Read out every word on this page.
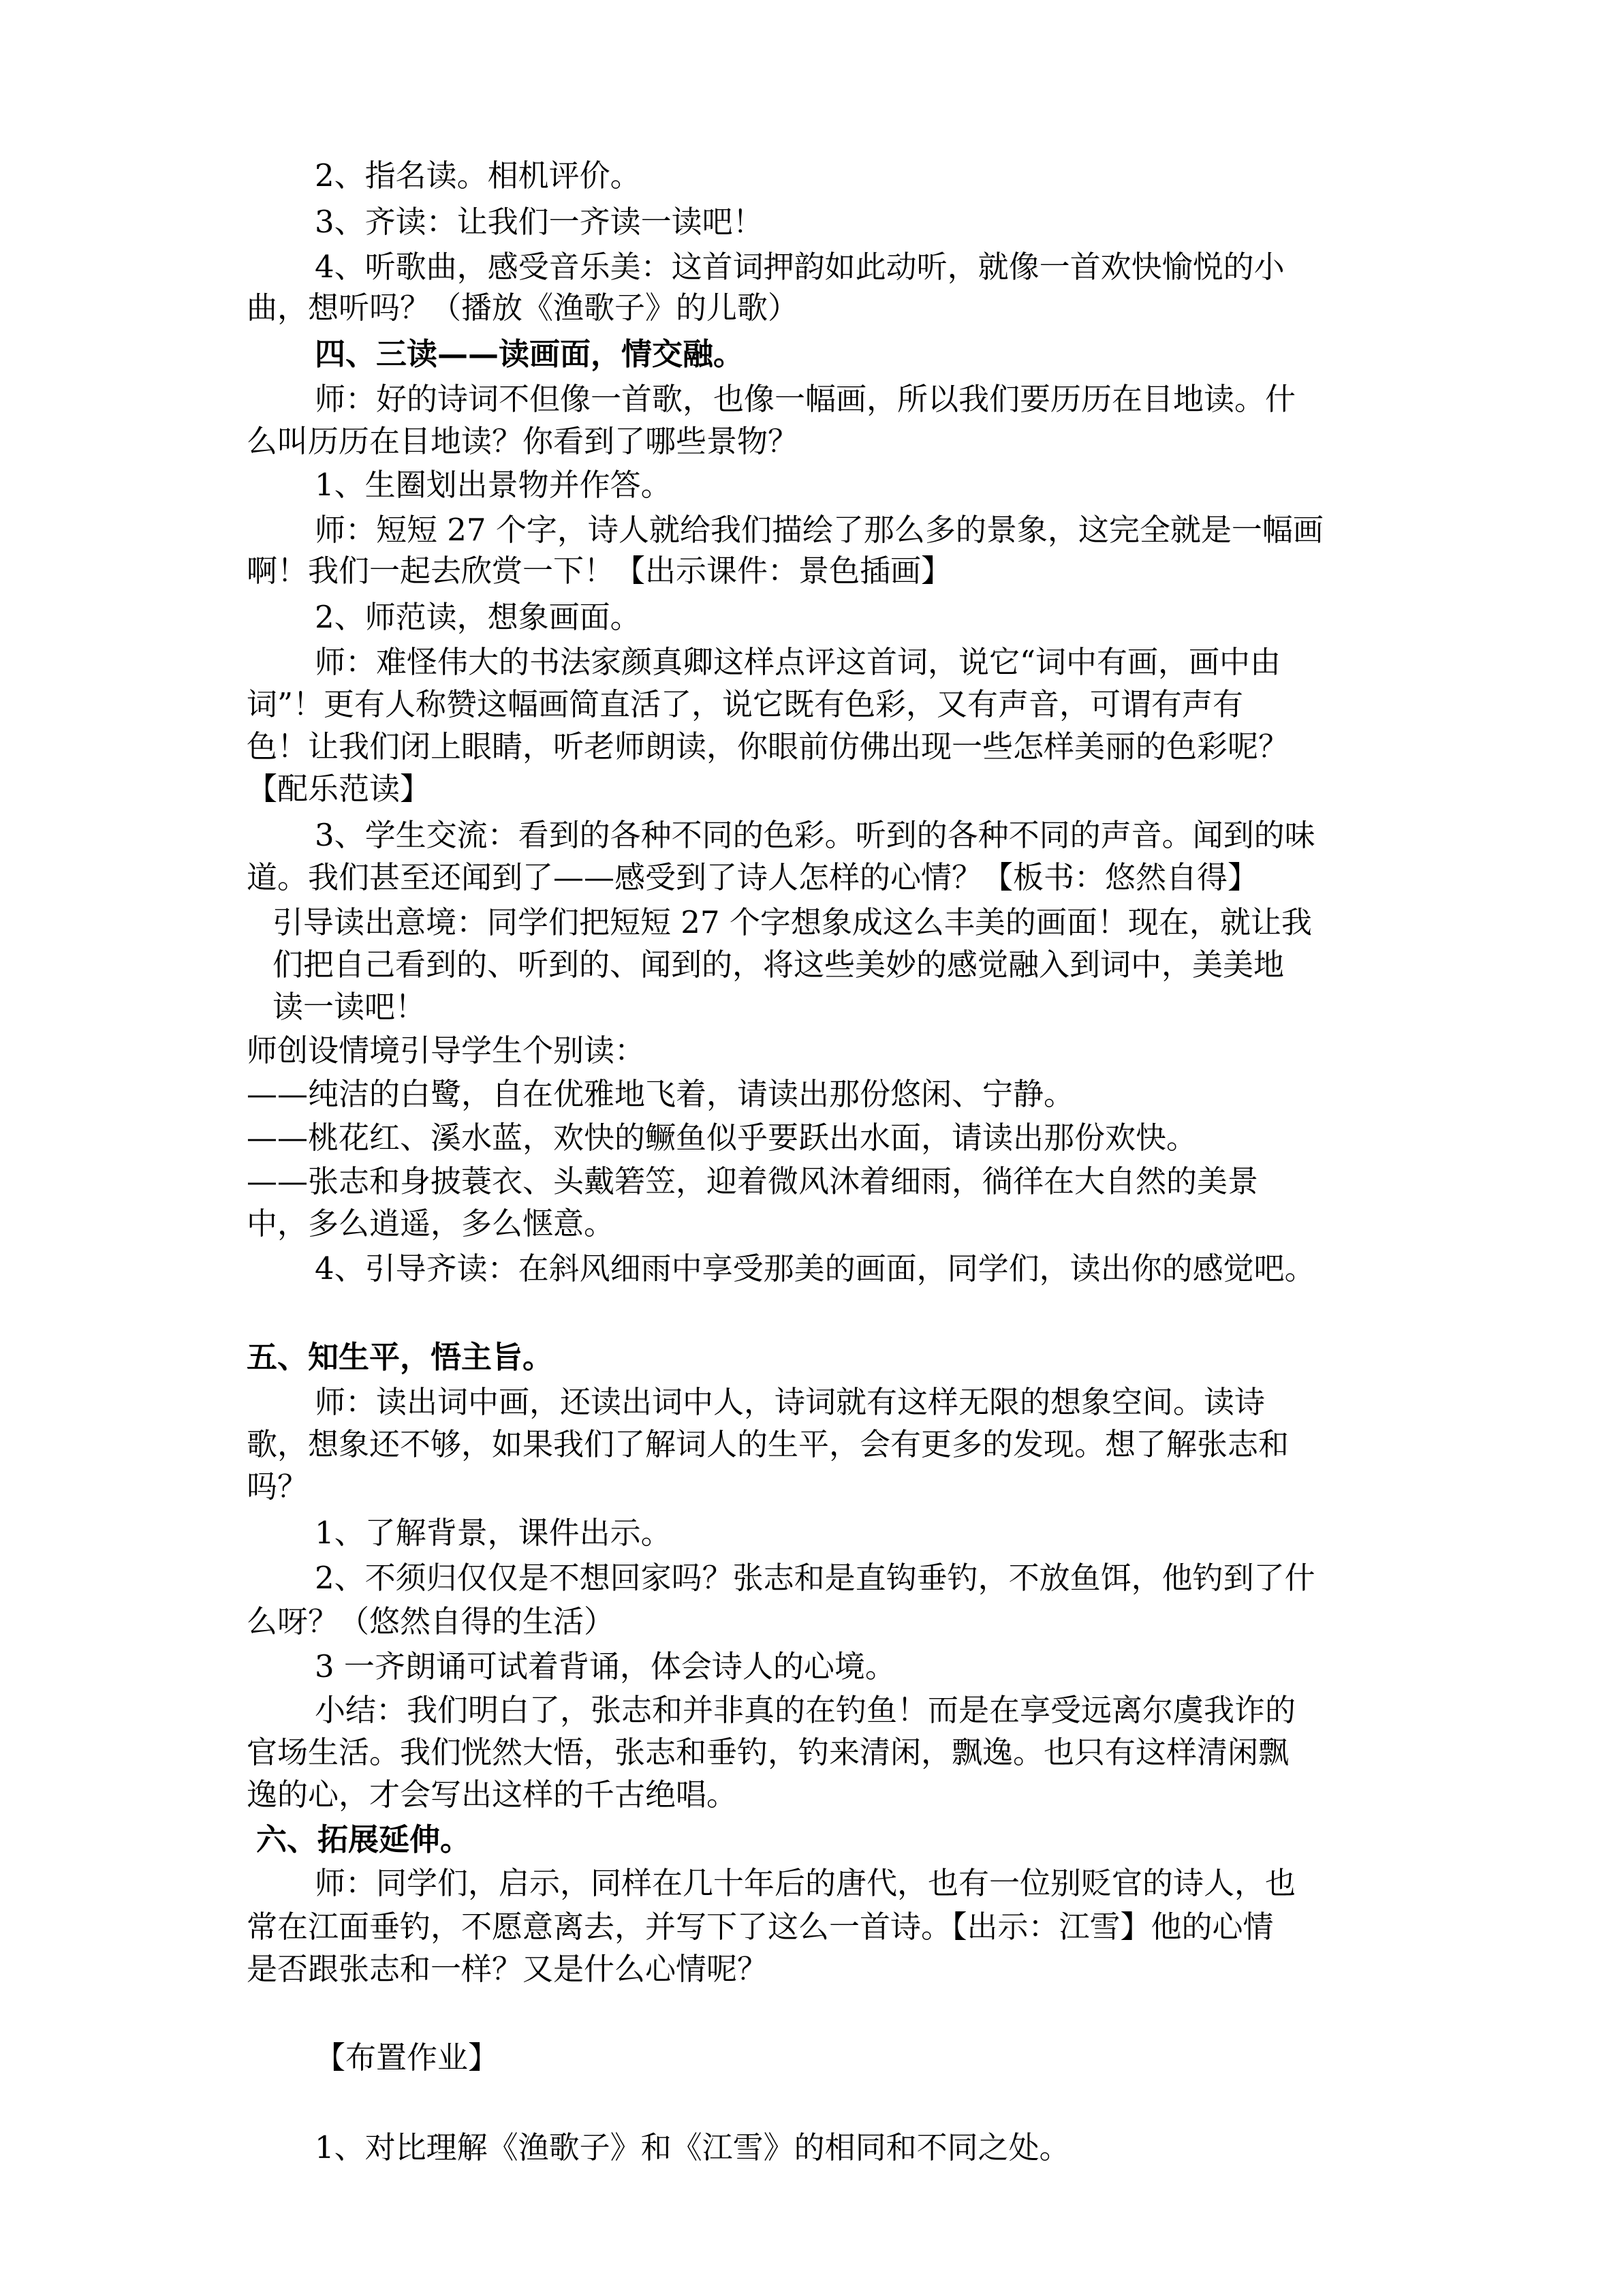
2、指名读。相机评价。

3、齐读：让我们一齐读一读吧！

4、听歌曲，感受音乐美：这首词押韵如此动听，就像一首欢快愉悦的小

曲，想听吗？（播放《渔歌子》的儿歌）

四、三读——读画面，情交融。

师：好的诗词不但像一首歌，也像一幅画，所以我们要历历在目地读。什

么叫历历在目地读？你看到了哪些景物？

1、生圈划出景物并作答。

师：短短 27 个字，诗人就给我们描绘了那么多的景象，这完全就是一幅画

啊！我们一起去欣赏一下！【出示课件：景色插画】

2、师范读，想象画面。

师：难怪伟大的书法家颜真卿这样点评这首词，说它“词中有画，画中由

词”！更有人称赞这幅画简直活了，说它既有色彩，又有声音，可谓有声有

色！让我们闭上眼睛，听老师朗读，你眼前仿佛出现一些怎样美丽的色彩呢？

【配乐范读】

3、学生交流：看到的各种不同的色彩。听到的各种不同的声音。闻到的味

道。我们甚至还闻到了——感受到了诗人怎样的心情？【板书：悠然自得】

引导读出意境：同学们把短短 27 个字想象成这么丰美的画面！现在，就让我

们把自己看到的、听到的、闻到的，将这些美妙的感觉融入到词中，美美地

读一读吧！

师创设情境引导学生个别读：

——纯洁的白鹭，自在优雅地飞着，请读出那份悠闲、宁静。

——桃花红、溪水蓝，欢快的鳜鱼似乎要跃出水面，请读出那份欢快。

——张志和身披蓑衣、头戴箬笠，迎着微风沐着细雨，徜徉在大自然的美景

中，多么逍遥，多么惬意。

4、引导齐读：在斜风细雨中享受那美的画面，同学们，读出你的感觉吧。

五、知生平，悟主旨。

师：读出词中画，还读出词中人，诗词就有这样无限的想象空间。读诗

歌，想象还不够，如果我们了解词人的生平，会有更多的发现。想了解张志和

吗？

1、了解背景，课件出示。

2、不须归仅仅是不想回家吗？张志和是直钩垂钓，不放鱼饵，他钓到了什

么呀？（悠然自得的生活）

3 一齐朗诵可试着背诵，体会诗人的心境。

小结：我们明白了，张志和并非真的在钓鱼！而是在享受远离尔虞我诈的

官场生活。我们恍然大悟，张志和垂钓，钓来清闲，飘逸。也只有这样清闲飘

逸的心，才会写出这样的千古绝唱。

六、拓展延伸。

师：同学们，启示，同样在几十年后的唐代，也有一位别贬官的诗人，也

常在江面垂钓，不愿意离去，并写下了这么一首诗。【出示：江雪】他的心情

是否跟张志和一样？又是什么心情呢？

【布置作业】

1、对比理解《渔歌子》和《江雪》的相同和不同之处。
